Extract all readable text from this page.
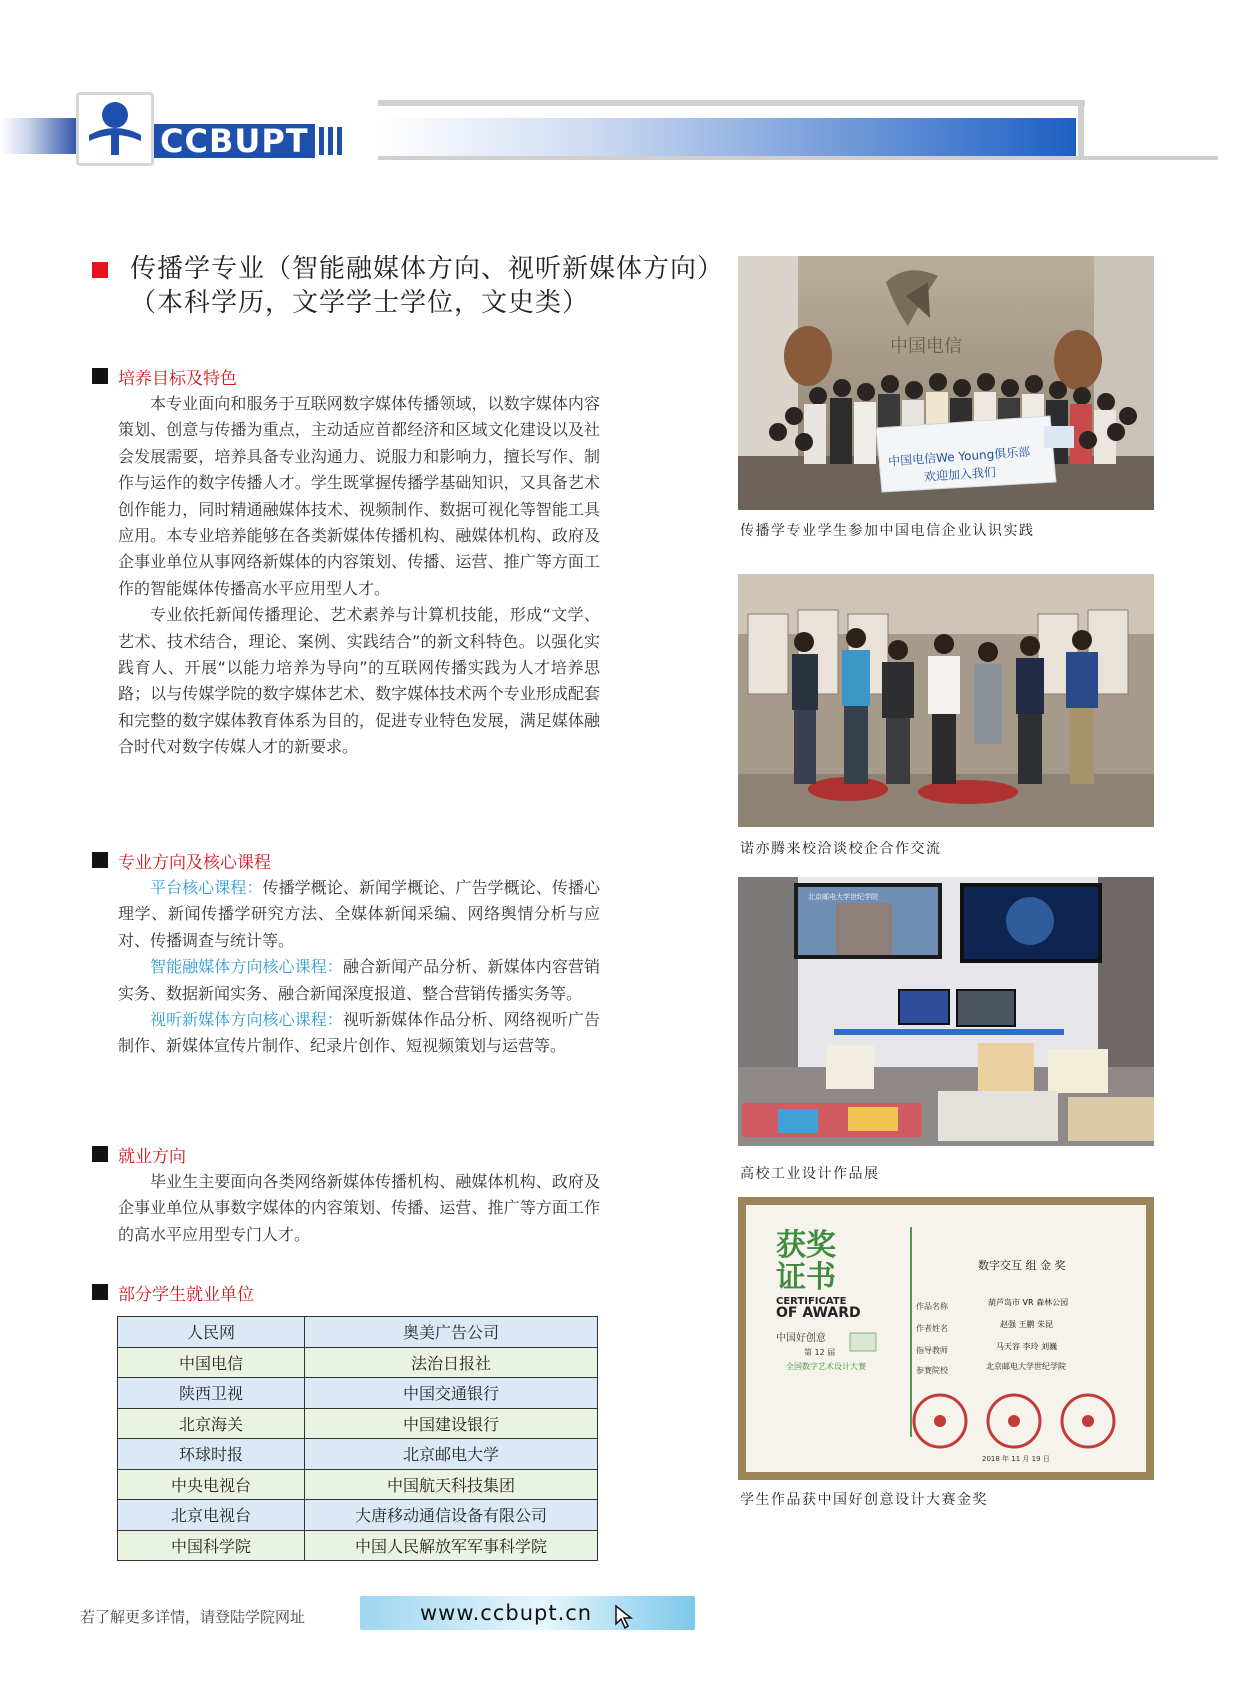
CCBUPT
传播学专业（智能融媒体方向、视听新媒体方向）
（本科学历，文学学士学位，文史类）
培养目标及特色

本专业面向和服务于互联网数字媒体传播领域，以数字媒体内容策划、创意与传播为重点，主动适应首都经济和区域文化建设以及社会发展需要，培养具备专业沟通力、说服力和影响力，擅长写作、制作与运作的数字传播人才。学生既掌握传播学基础知识，又具备艺术创作能力，同时精通融媒体技术、视频制作、数据可视化等智能工具应用。本专业培养能够在各类新媒体传播机构、融媒体机构、政府及企事业单位从事网络新媒体的内容策划、传播、运营、推广等方面工作的智能媒体传播高水平应用型人才。

专业依托新闻传播理论、艺术素养与计算机技能，形成“文学、艺术、技术结合，理论、案例、实践结合”的新文科特色。以强化实践育人、开展“以能力培养为导向”的互联网传播实践为人才培养思路；以与传媒学院的数字媒体艺术、数字媒体技术两个专业形成配套和完整的数字媒体教育体系为目的，促进专业特色发展，满足媒体融合时代对数字传媒人才的新要求。

专业方向及核心课程

平台核心课程：传播学概论、新闻学概论、广告学概论、传播心理学、新闻传播学研究方法、全媒体新闻采编、网络舆情分析与应对、传播调查与统计等。

智能融媒体方向核心课程：融合新闻产品分析、新媒体内容营销实务、数据新闻实务、融合新闻深度报道、整合营销传播实务等。

视听新媒体方向核心课程：视听新媒体作品分析、网络视听广告制作、新媒体宣传片制作、纪录片创作、短视频策划与运营等。

就业方向

毕业生主要面向各类网络新媒体传播机构、融媒体机构、政府及企事业单位从事数字媒体的内容策划、传播、运营、推广等方面工作的高水平应用型专门人才。

部分学生就业单位
人民网	奥美广告公司
中国电信	法治日报社
陕西卫视	中国交通银行
北京海关	中国建设银行
环球时报	北京邮电大学
中央电视台	中国航天科技集团
北京电视台	大唐移动通信设备有限公司
中国科学院	中国人民解放军军事科学院
中国电信
中国电信We Young俱乐部
欢迎加入我们
传播学专业学生参加中国电信企业认识实践
诺亦腾来校洽谈校企合作交流
北京邮电大学世纪学院
高校工业设计作品展
获奖
证书
CERTIFICATE
OF AWARD
中国好创意
第 12 届
全国数字艺术设计大赛
数字交互 组 金 奖
作品名称
作者姓名
指导教师
参赛院校
葫芦岛市 VR 森林公园
赵强 王鹏 朱昆
马天容 李玲 刘巍
北京邮电大学世纪学院
2018 年 11 月 19 日
学生作品获中国好创意设计大赛金奖
若了解更多详情，请登陆学院网址	www.ccbupt.cn
